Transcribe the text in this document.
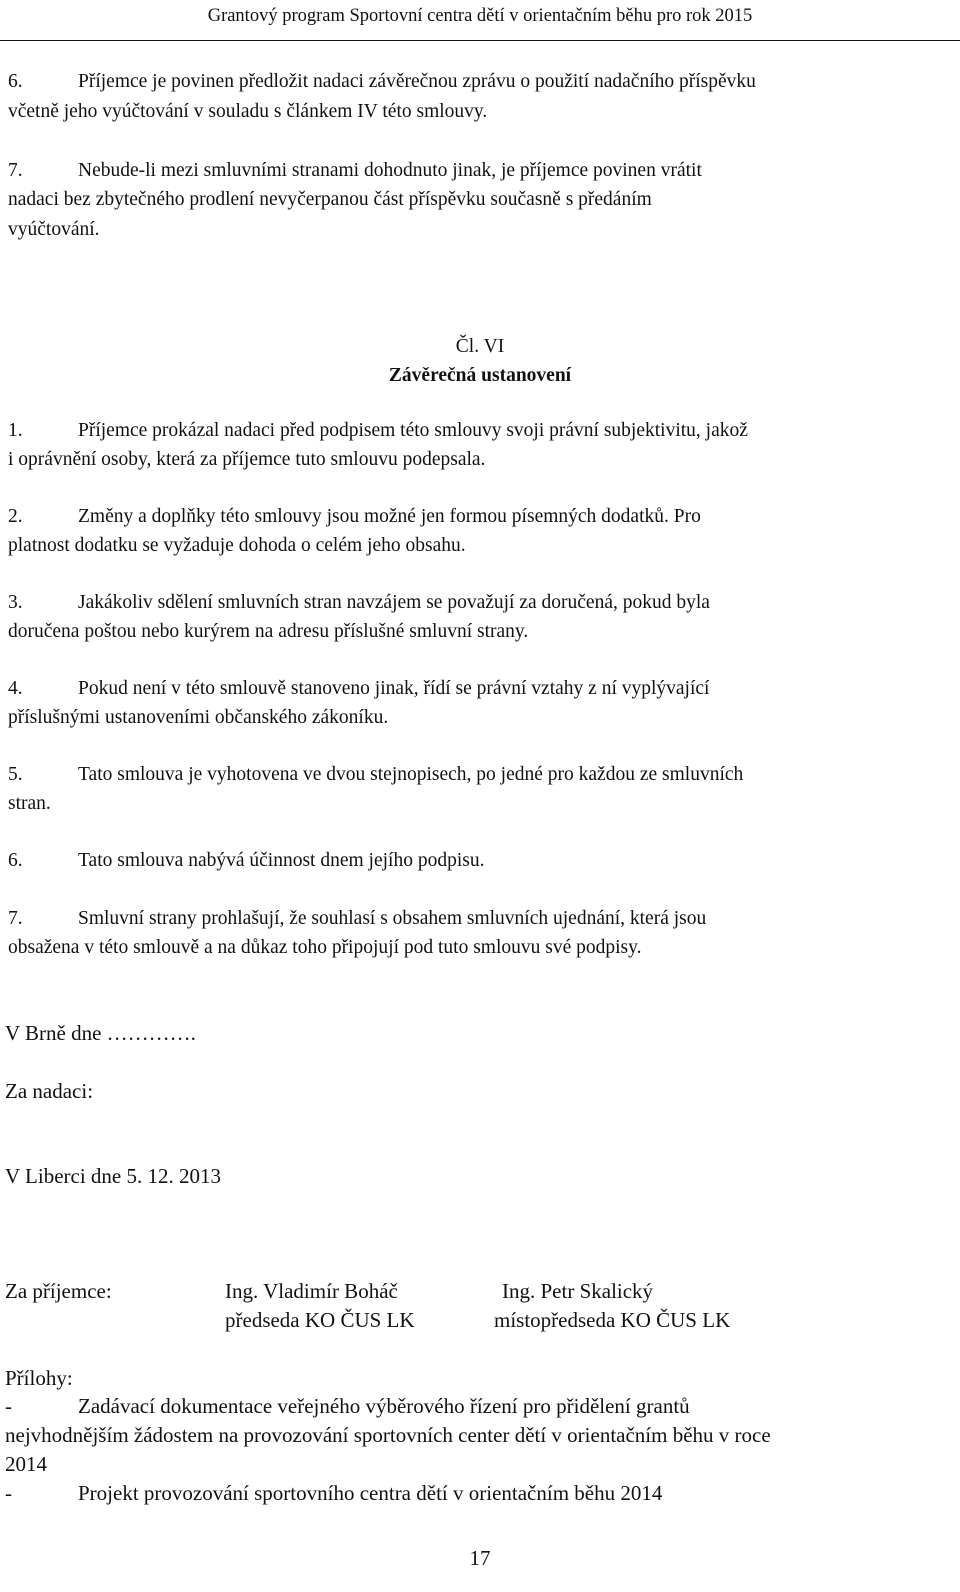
Grantový program Sportovní centra dětí v orientačním běhu pro rok 2015
6.	Příjemce je povinen předložit nadaci závěrečnou zprávu o použití nadačního příspěvku
včetně jeho vyúčtování v souladu s článkem IV této smlouvy.
7.	Nebude-li mezi smluvními stranami dohodnuto jinak, je příjemce povinen vrátit
nadaci bez zbytečného prodlení nevyčerpanou část příspěvku současně s předáním
vyúčtování.
Čl. VI
Závěrečná ustanovení
1.	Příjemce prokázal nadaci před podpisem této smlouvy svoji právní subjektivitu, jakož
i oprávnění osoby, která za příjemce tuto smlouvu podepsala.
2.	Změny a doplňky této smlouvy jsou možné jen formou písemných dodatků. Pro
platnost dodatku se vyžaduje dohoda o celém jeho obsahu.
3.	Jakákoliv sdělení smluvních stran navzájem se považují za doručená, pokud byla
doručena poštou nebo kurýrem na adresu příslušné smluvní strany.
4.	Pokud není v této smlouvě stanoveno jinak, řídí se právní vztahy z ní vyplývající
příslušnými ustanoveními občanského zákoníku.
5.	Tato smlouva je vyhotovena ve dvou stejnopisech, po jedné pro každou ze smluvních
stran.
6.	Tato smlouva nabývá účinnost dnem jejího podpisu.
7.	Smluvní strany prohlašují, že souhlasí s obsahem smluvních ujednání, která jsou
obsažena v této smlouvě a na důkaz toho připojují pod tuto smlouvu své podpisy.
V Brně dne ………….
Za nadaci:
V Liberci dne 5. 12. 2013
Za příjemce:	Ing. Vladimír Boháč
předseda KO ČUS LK
Ing. Petr Skalický
místopředseda KO ČUS LK
Přílohy:
-	Zadávací dokumentace veřejného výběrového řízení pro přidělení grantů
nejvhodnějším žádostem na provozování sportovních center dětí v orientačním běhu v roce
2014
-	Projekt provozování sportovního centra dětí v orientačním běhu 2014
17
